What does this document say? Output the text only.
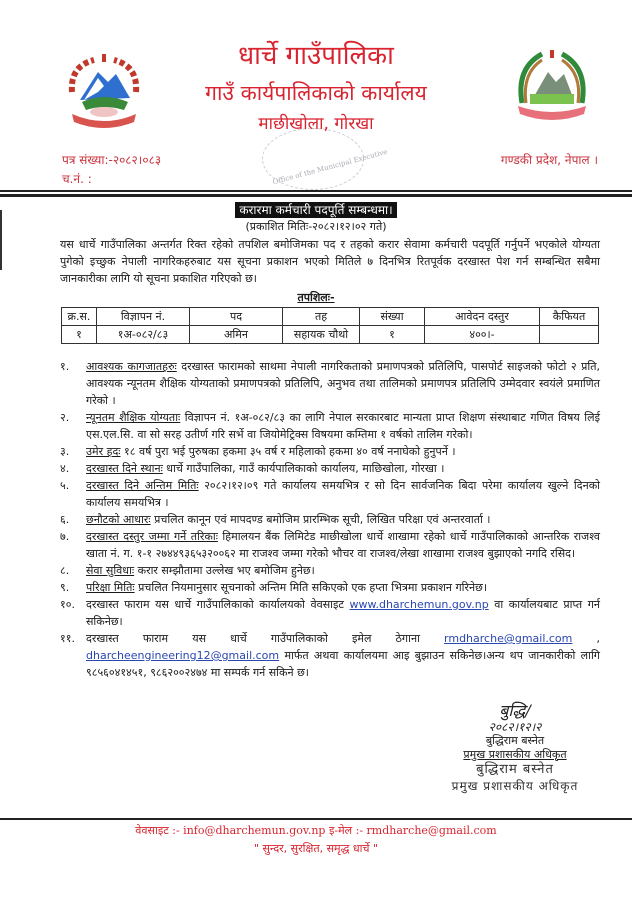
Office of the Municipal Executive
धार्चे गाउँपालिका
गाउँ कार्यपालिकाको कार्यालय
माछीखोला, गोरखा
पत्र संख्या:-२०८२।०८३
च.नं. :
गण्डकी प्रदेश, नेपाल ।
करारमा कर्मचारी पदपूर्ति सम्बन्धमा।
(प्रकाशित मितिः-२०८२।१२।०२ गते)
यस धार्चे गाउँपालिका अन्तर्गत रिक्त रहेको तपशिल बमोजिमका पद र तहको करार सेवामा कर्मचारी पदपूर्ति गर्नुपर्ने भएकोले योग्यता पुगेको इच्छुक नेपाली नागरिकहरुबाट यस सूचना प्रकाशन भएको मितिले ७ दिनभित्र रितपूर्वक दरखास्त पेश गर्न सम्बन्धित सबैमा जानकारीका लागि यो सूचना प्रकाशित गरिएको छ।
तपशिलः-
क्र.स.	विज्ञापन नं.	पद	तह	संख्या	आवेदन दस्तुर	कैफियत
१	१अ-०८२/८३	अमिन	सहायक चौथो	१	४००।-	
१.	आवश्यक कागजातहरुः दरखास्त फारामको साथमा नेपाली नागरिकताको प्रमाणपत्रको प्रतिलिपि, पासपोर्ट साइजको फोटो २ प्रति, आवश्यक न्यूनतम शैक्षिक योग्यताको प्रमाणपत्रको प्रतिलिपि, अनुभव तथा तालिमको प्रमाणपत्र प्रतिलिपि उम्मेदवार स्वयंले प्रमाणित गरेको ।
२.	न्यूनतम शैक्षिक योग्यताः विज्ञापन नं. १अ-०८२/८३ का लागि नेपाल सरकारबाट मान्यता प्राप्त शिक्षण संस्थाबाट गणित विषय लिई एस.एल.सि. वा सो सरह उतीर्ण गरि सर्भे वा जियोमेट्रिक्स विषयमा कम्तिमा १ वर्षको तालिम गरेको।
३.	उमेर हदः १८ वर्ष पुरा भई पुरुषका हकमा ३५ वर्ष र महिलाको हकमा ४० वर्ष ननाघेको हुनुपर्ने ।
४.	दरखास्त दिने स्थानः धार्चे गाउँपालिका, गाउँ कार्यपालिकाको कार्यालय, माछिखोला, गोरखा ।
५.	दरखास्त दिने अन्तिम मितिः २०८२।१२।०९ गते कार्यालय समयभित्र र सो दिन सार्वजनिक बिदा परेमा कार्यालय खुल्ने दिनको कार्यालय समयभित्र ।
६.	छनौटको आधारः प्रचलित कानून एवं मापदण्ड बमोजिम प्रारम्भिक सूची, लिखित परिक्षा एवं अन्तरवार्ता ।
७.	दरखास्त दस्तुर जम्मा गर्ने तरिकाः हिमालयन बैंक लिमिटेड माछीखोला धार्चे शाखामा रहेको धार्चे गाउँपालिकाको आन्तरिक राजश्व खाता नं. ग. १-१ २७४४९३६५३२००६२ मा राजश्व जम्मा गरेको भौचर वा राजश्व/लेखा शाखामा राजश्व बुझाएको नगदि रसिद।
८.	सेवा सुविधाः करार सम्झौतामा उल्लेख भए बमोजिम हुनेछ।
९.	परिक्षा मितिः प्रचलित नियमानुसार सूचनाको अन्तिम मिति सकिएको एक हप्ता भित्रमा प्रकाशन गरिनेछ।
१०.	दरखास्त फाराम यस धार्चे गाउँपालिकाको कार्यालयको वेवसाइट www.dharchemun.gov.np वा कार्यालयबाट प्राप्त गर्न सकिनेछ।
११.	दरखास्त फाराम यस धार्चे गाउँपालिकाको इमेल ठेगाना rmdharche@gmail.com , dharcheengineering12@gmail.com मार्फत अथवा कार्यालयमा आइ बुझाउन सकिनेछ।अन्य थप जानकारीको लागि ९८५६०४१४५१, ९८६२००२४७४ मा सम्पर्क गर्न सकिने छ।
बुद्धि/
२०८२।१२।२
बुद्धिराम बस्नेत
प्रमुख प्रशासकीय अधिकृत
बुद्धिराम बस्नेत
प्रमुख प्रशासकीय अधिकृत
वेवसाइट :- info@dharchemun.gov.np इ-मेल :- rmdharche@gmail.com
" सुन्दर, सुरक्षित, समृद्ध धार्चे "
